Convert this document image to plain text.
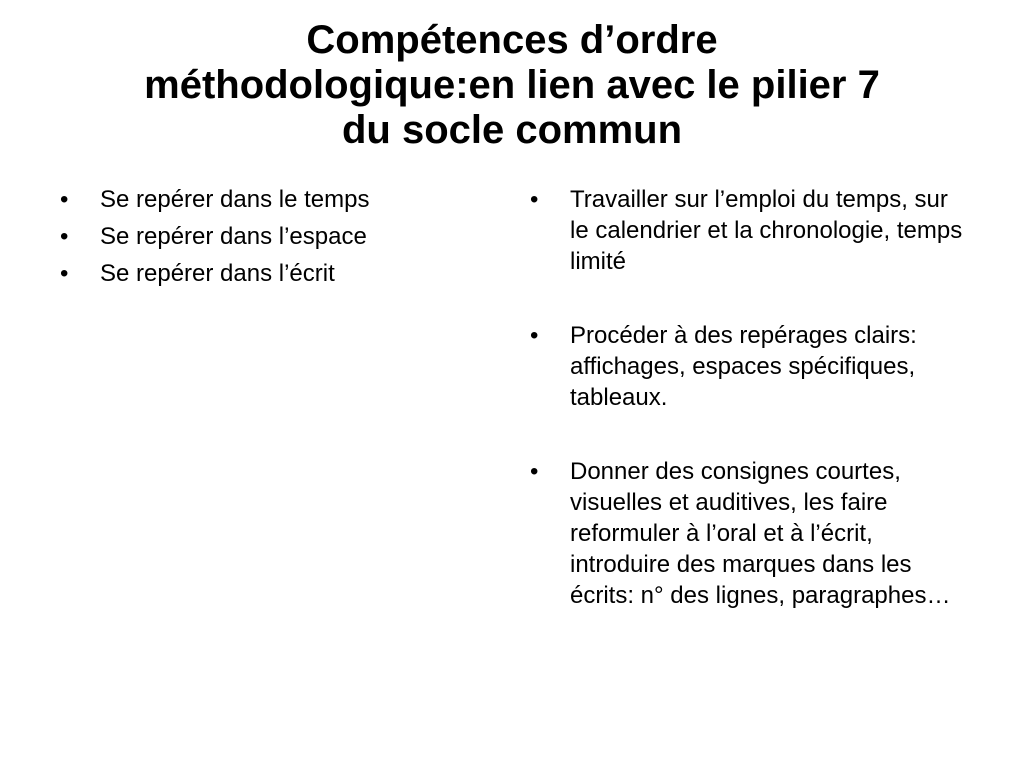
Compétences d’ordre
méthodologique:en lien avec le pilier 7
du socle commun
•	Se repérer dans le temps
•	Se repérer dans l’espace
•	Se repérer dans l’écrit
•	Travailler sur l’emploi du temps, sur le calendrier et la chronologie, temps limité
•	Procéder à des repérages clairs: affichages, espaces spécifiques, tableaux.
•	Donner des consignes courtes, visuelles et auditives, les faire reformuler à l’oral et à l’écrit, introduire des marques dans les écrits: n° des lignes, paragraphes…
